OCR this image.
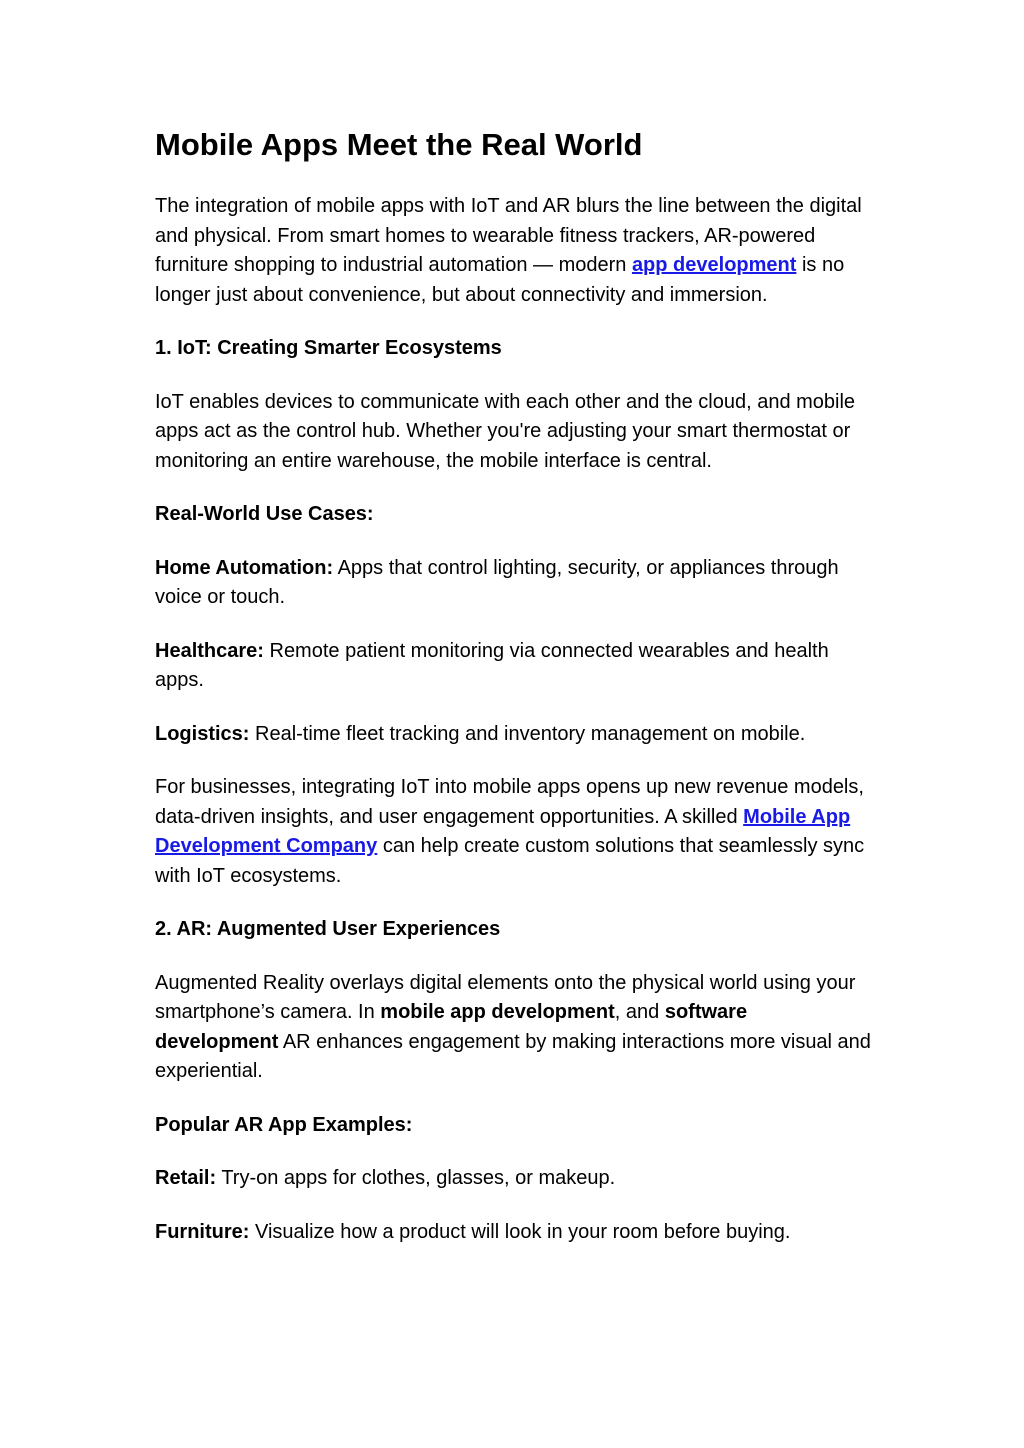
Mobile Apps Meet the Real World

The integration of mobile apps with IoT and AR blurs the line between the digital and physical. From smart homes to wearable fitness trackers, AR-powered furniture shopping to industrial automation — modern app development is no longer just about convenience, but about connectivity and immersion.

1. IoT: Creating Smarter Ecosystems

IoT enables devices to communicate with each other and the cloud, and mobile apps act as the control hub. Whether you're adjusting your smart thermostat or monitoring an entire warehouse, the mobile interface is central.

Real-World Use Cases:

Home Automation: Apps that control lighting, security, or appliances through voice or touch.

Healthcare: Remote patient monitoring via connected wearables and health apps.

Logistics: Real-time fleet tracking and inventory management on mobile.

For businesses, integrating IoT into mobile apps opens up new revenue models, data-driven insights, and user engagement opportunities. A skilled Mobile App Development Company can help create custom solutions that seamlessly sync with IoT ecosystems.

2. AR: Augmented User Experiences

Augmented Reality overlays digital elements onto the physical world using your smartphone’s camera. In mobile app development, and software development AR enhances engagement by making interactions more visual and experiential.

Popular AR App Examples:

Retail: Try-on apps for clothes, glasses, or makeup.

Furniture: Visualize how a product will look in your room before buying.
